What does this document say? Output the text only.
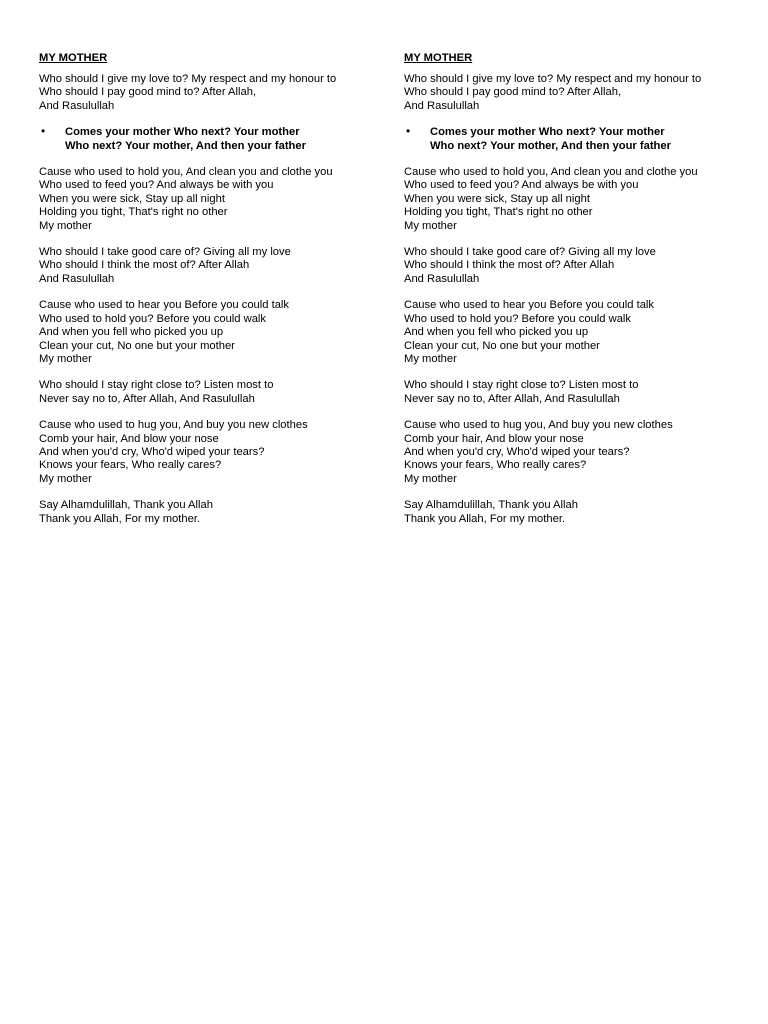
MY MOTHER
Who should I give my love to? My respect and my honour to
Who should I pay good mind to? After Allah,
And Rasulullah
• Comes your mother Who next? Your mother
Who next? Your mother, And then your father
Cause who used to hold you, And clean you and clothe you
Who used to feed you? And always be with you
When you were sick, Stay up all night
Holding you tight, That's right no other
My mother
Who should I take good care of? Giving all my love
Who should I think the most of? After Allah
And Rasulullah
Cause who used to hear you Before you could talk
Who used to hold you? Before you could walk
And when you fell who picked you up
Clean your cut, No one but your mother
My mother
Who should I stay right close to? Listen most to
Never say no to, After Allah, And Rasulullah
Cause who used to hug you, And buy you new clothes
Comb your hair, And blow your nose
And when you'd cry, Who'd wiped your tears?
Knows your fears, Who really cares?
My mother
Say Alhamdulillah, Thank you Allah
Thank you Allah, For my mother.
MY MOTHER
Who should I give my love to? My respect and my honour to
Who should I pay good mind to? After Allah,
And Rasulullah
• Comes your mother Who next? Your mother
Who next? Your mother, And then your father
Cause who used to hold you, And clean you and clothe you
Who used to feed you? And always be with you
When you were sick, Stay up all night
Holding you tight, That's right no other
My mother
Who should I take good care of? Giving all my love
Who should I think the most of? After Allah
And Rasulullah
Cause who used to hear you Before you could talk
Who used to hold you? Before you could walk
And when you fell who picked you up
Clean your cut, No one but your mother
My mother
Who should I stay right close to? Listen most to
Never say no to, After Allah, And Rasulullah
Cause who used to hug you, And buy you new clothes
Comb your hair, And blow your nose
And when you'd cry, Who'd wiped your tears?
Knows your fears, Who really cares?
My mother
Say Alhamdulillah, Thank you Allah
Thank you Allah, For my mother.
